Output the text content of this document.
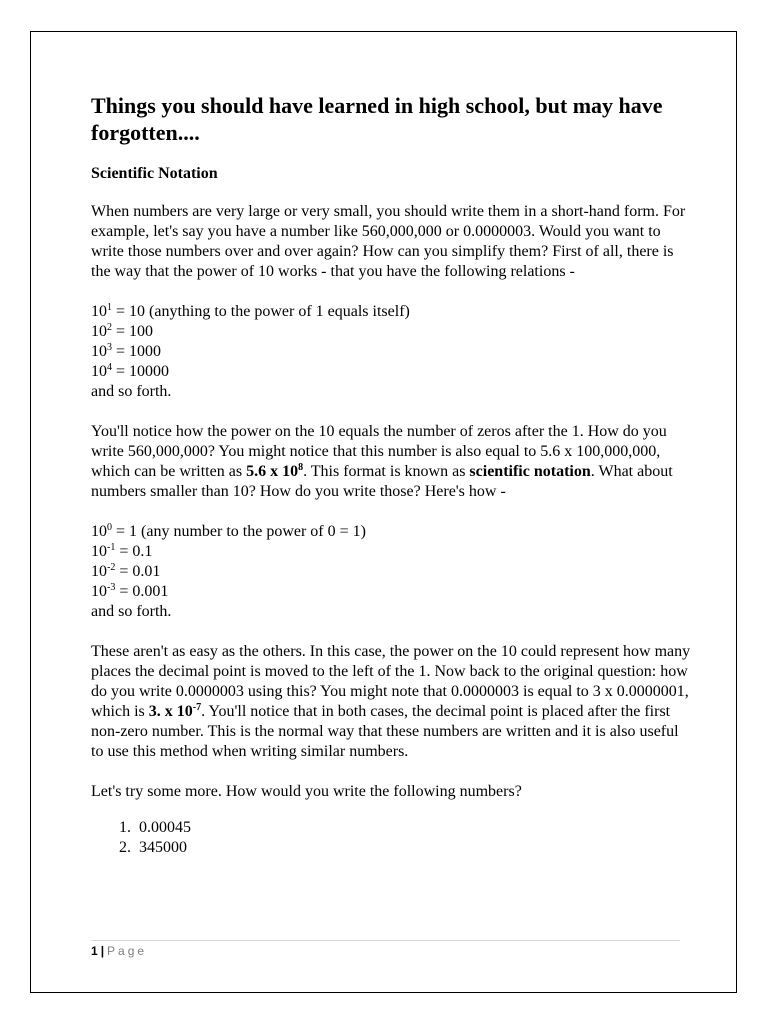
Things you should have learned in high school, but may have forgotten....
Scientific Notation

When numbers are very large or very small, you should write them in a short-hand form. For example, let's say you have a number like 560,000,000 or 0.0000003. Would you want to write those numbers over and over again? How can you simplify them? First of all, there is the way that the power of 10 works - that you have the following relations -

$10^1 = 10$ (anything to the power of 1 equals itself)
$10^2 = 100$
$10^3 = 1000$
$10^4 = 10000$
and so forth.

You'll notice how the power on the 10 equals the number of zeros after the 1. How do you write 560,000,000? You might notice that this number is also equal to 5.6 x 100,000,000, which can be written as 5.6 x $10^8$. This format is known as scientific notation. What about numbers smaller than 10? How do you write those? Here's how -

$10^0 = 1$ (any number to the power of 0 = 1)
$10^{-1} = 0.1$
$10^{-2} = 0.01$
$10^{-3} = 0.001$
and so forth.

These aren't as easy as the others. In this case, the power on the 10 could represent how many places the decimal point is moved to the left of the 1. Now back to the original question: how do you write 0.0000003 using this? You might note that 0.0000003 is equal to 3 x 0.0000001, which is 3. x $10^{-7}$. You'll notice that in both cases, the decimal point is placed after the first non-zero number. This is the normal way that these numbers are written and it is also useful to use this method when writing similar numbers.

Let's try some more. How would you write the following numbers?

1. 0.00045
2. 345000
1 | Page
